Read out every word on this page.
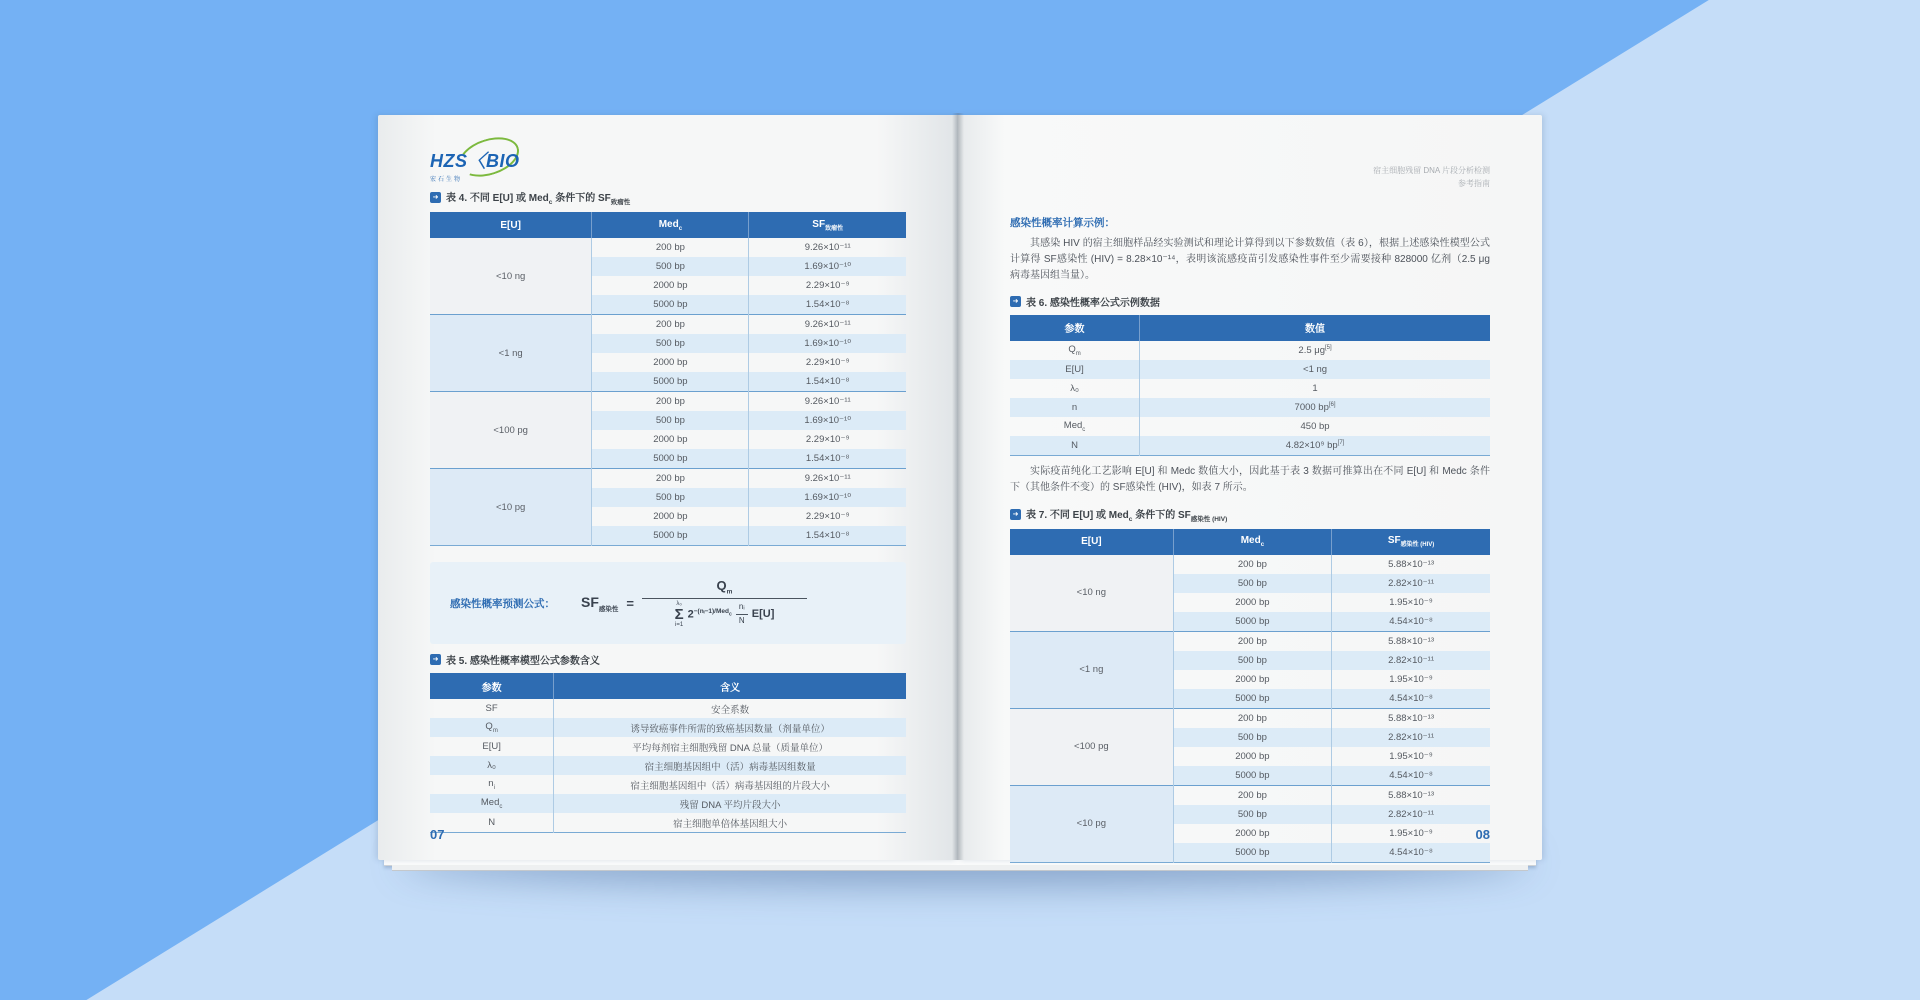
HZS〈BIO
宏石生物
➜ 表 4. 不同 E[U] 或 Med$_c$ 条件下的 $SF_{致瘤性}$
E[U]	Med$_c$	$SF_{致瘤性}$
<10 ng	200 bp	9.26×10⁻¹¹
	500 bp	1.69×10⁻¹⁰
	2000 bp	2.29×10⁻⁹
	5000 bp	1.54×10⁻⁸
<1 ng	200 bp	9.26×10⁻¹¹
	500 bp	1.69×10⁻¹⁰
	2000 bp	2.29×10⁻⁹
	5000 bp	1.54×10⁻⁸
<100 pg	200 bp	9.26×10⁻¹¹
	500 bp	1.69×10⁻¹⁰
	2000 bp	2.29×10⁻⁹
	5000 bp	1.54×10⁻⁸
<10 pg	200 bp	9.26×10⁻¹¹
	500 bp	1.69×10⁻¹⁰
	2000 bp	2.29×10⁻⁹
	5000 bp	1.54×10⁻⁸
感染性概率预测公式： $SF_{感染性}$ =
$Q_m$
λ₀
Σ
i=1
$2^{-(nᵢ-1)/Med_c}$
nᵢ
N E[U]
➜ 表 5. 感染性概率模型公式参数含义
参数	含义
SF	安全系数
$Q_m$	诱导致癌事件所需的致癌基因数量（剂量单位）
E[U]	平均每剂宿主细胞残留 DNA 总量（质量单位）
λ₀	宿主细胞基因组中（活）病毒基因组数量
$n_i$	宿主细胞基因组中（活）病毒基因组的片段大小
Med$_c$	残留 DNA 平均片段大小
N	宿主细胞单倍体基因组大小
07
宿主细胞残留 DNA 片段分析检测
参考指南
感染性概率计算示例：

其感染 HIV 的宿主细胞样品经实验测试和理论计算得到以下参数数值（表 6），根据上述感染性模型公式计算得 SF感染性 (HIV) = 8.28×10⁻¹⁴，表明该流感疫苗引发感染性事件至少需要接种 828000 亿剂（2.5 μg 病毒基因组当量）。

➜ 表 6. 感染性概率公式示例数据
参数	数值
$Q_m$	2.5 μg[5]
E[U]	<1 ng
λ₀	1
n	7000 bp[6]
Med$_c$	450 bp
N	4.82×10⁹ bp[7]

实际疫苗纯化工艺影响 E[U] 和 Medc 数值大小，因此基于表 3 数据可推算出在不同 E[U] 和 Medc 条件下（其他条件不变）的 SF感染性 (HIV)，如表 7 所示。

➜ 表 7. 不同 E[U] 或 Med$_c$ 条件下的 $SF_{感染性 (HIV)}$
E[U]	Med$_c$	$SF_{感染性 (HIV)}$
<10 ng	200 bp	5.88×10⁻¹³
	500 bp	2.82×10⁻¹¹
	2000 bp	1.95×10⁻⁹
	5000 bp	4.54×10⁻⁸
<1 ng	200 bp	5.88×10⁻¹³
	500 bp	2.82×10⁻¹¹
	2000 bp	1.95×10⁻⁹
	5000 bp	4.54×10⁻⁸
<100 pg	200 bp	5.88×10⁻¹³
	500 bp	2.82×10⁻¹¹
	2000 bp	1.95×10⁻⁹
	5000 bp	4.54×10⁻⁸
<10 pg	200 bp	5.88×10⁻¹³
	500 bp	2.82×10⁻¹¹
	2000 bp	1.95×10⁻⁹
	5000 bp	4.54×10⁻⁸
08
